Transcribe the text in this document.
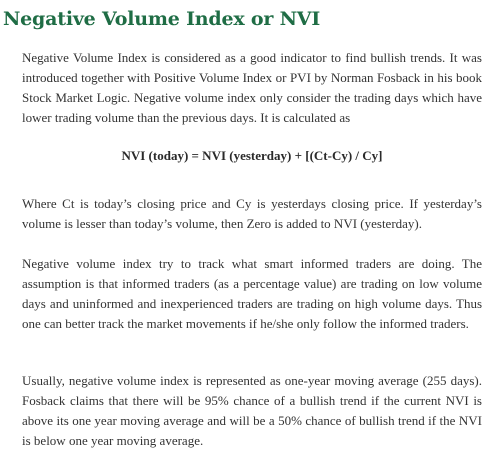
Negative Volume Index or NVI

Negative Volume Index is considered as a good indicator to find bullish trends. It was introduced together with Positive Volume Index or PVI by Norman Fosback in his book Stock Market Logic. Negative volume index only consider the trading days which have lower trading volume than the previous days. It is calculated as

NVI (today) = NVI (yesterday) + [(Ct-Cy) / Cy]

Where Ct is today’s closing price and Cy is yesterdays closing price. If yesterday’s volume is lesser than today’s volume, then Zero is added to NVI (yesterday).

Negative volume index try to track what smart informed traders are doing. The assumption is that informed traders (as a percentage value) are trading on low volume days and uninformed and inexperienced traders are trading on high volume days. Thus one can better track the market movements if he/she only follow the informed traders.

Usually, negative volume index is represented as one-year moving average (255 days). Fosback claims that there will be 95% chance of a bullish trend if the current NVI is above its one year moving average and will be a 50% chance of bullish trend if the NVI is below one year moving average.
